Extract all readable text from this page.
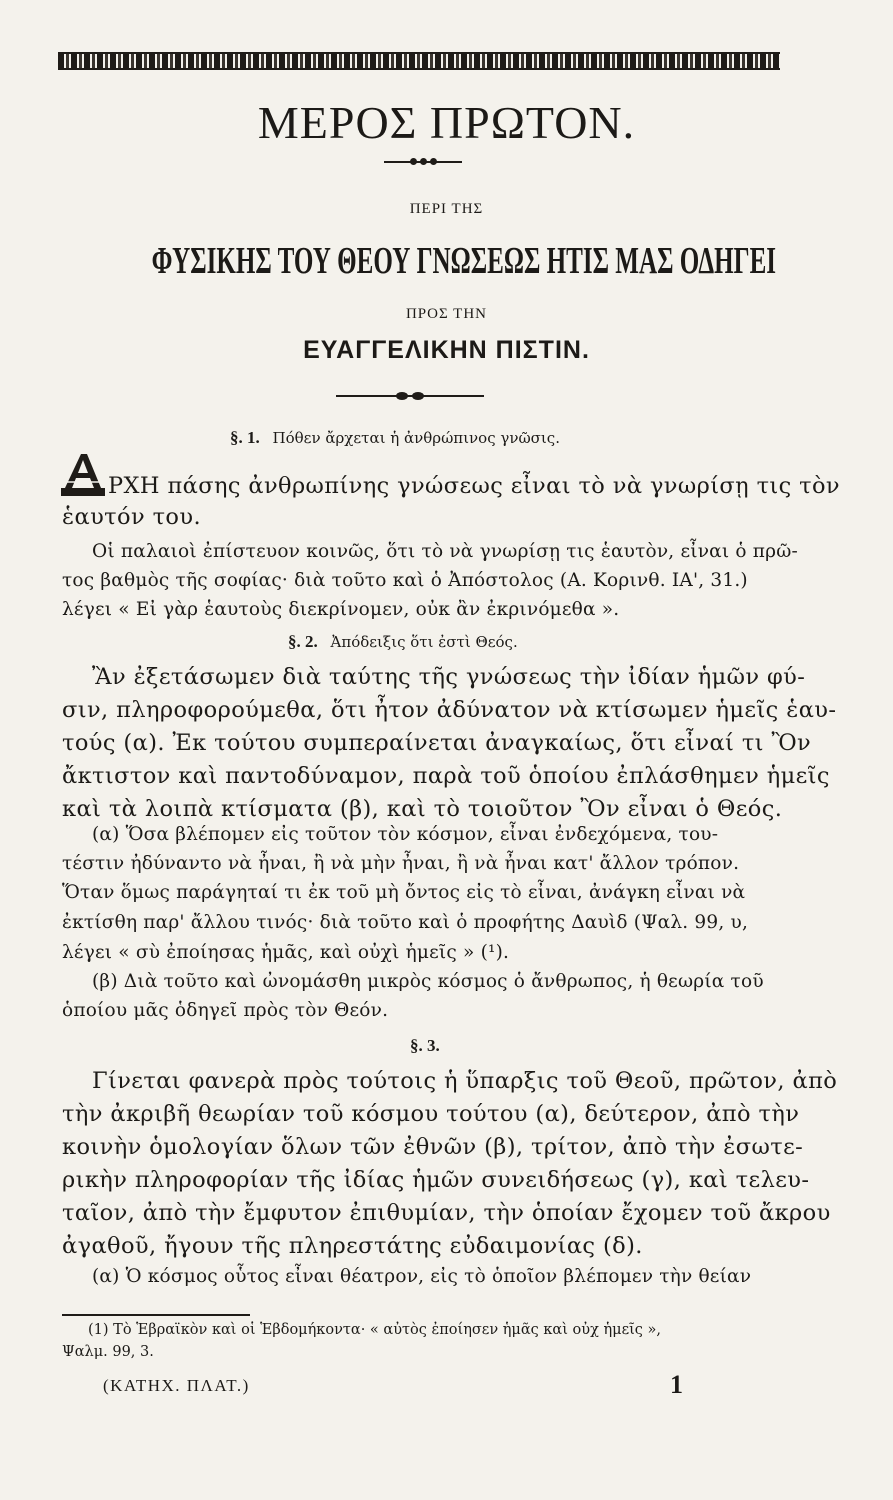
ΜΕΡΟΣ ΠΡΩΤΟΝ.
ΠΕΡΙ ΤΗΣ
ΦΥΣΙΚΗΣ ΤΟΥ ΘΕΟΥ ΓΝΩΣΕΩΣ ΗΤΙΣ ΜΑΣ ΟΔΗΓΕΙ
ΠΡΟΣ ΤΗΝ
ΕΥΑΓΓΕΛΙΚΗΝ ΠΙΣΤΙΝ.
§. 1. Πόθεν ἄρχεται ἡ ἀνθρώπινος γνῶσις.
ΡΧΗ πάσης ἀνθρωπίνης γνώσεως εἶναι τὸ νὰ γνωρίσῃ τις τὸν
ἑαυτόν του.
Οἱ παλαιοὶ ἐπίστευον κοινῶς, ὅτι τὸ νὰ γνωρίσῃ τις ἑαυτὸν, εἶναι ὁ πρῶ-
τος βαθμὸς τῆς σοφίας· διὰ τοῦτο καὶ ὁ Ἀπόστολος (Α. Κορινθ. ΙΑ', 31.)
λέγει « Εἰ γὰρ ἑαυτοὺς διεκρίνομεν, οὐκ ἂν ἐκρινόμεθα ».
§. 2. Ἀπόδειξις ὅτι ἐστὶ Θεός.
Ἂν ἐξετάσωμεν διὰ ταύτης τῆς γνώσεως τὴν ἰδίαν ἡμῶν φύ-
σιν, πληροφορούμεθα, ὅτι ἦτον ἀδύνατον νὰ κτίσωμεν ἡμεῖς ἑαυ-
τούς (α). Ἐκ τούτου συμπεραίνεται ἀναγκαίως, ὅτι εἶναί τι Ὂν
ἄκτιστον καὶ παντοδύναμον, παρὰ τοῦ ὁποίου ἐπλάσθημεν ἡμεῖς
καὶ τὰ λοιπὰ κτίσματα (β), καὶ τὸ τοιοῦτον Ὂν εἶναι ὁ Θεός.
(α) Ὅσα βλέπομεν εἰς τοῦτον τὸν κόσμον, εἶναι ἐνδεχόμενα, του-
τέστιν ἠδύναντο νὰ ἦναι, ἢ νὰ μὴν ἦναι, ἢ νὰ ἦναι κατ' ἄλλον τρόπον.
Ὅταν ὅμως παράγηταί τι ἐκ τοῦ μὴ ὄντος εἰς τὸ εἶναι, ἀνάγκη εἶναι νὰ
ἐκτίσθη παρ' ἄλλου τινός· διὰ τοῦτο καὶ ὁ προφήτης Δαυὶδ (Ψαλ. 99, υ,
λέγει « σὺ ἐποίησας ἡμᾶς, καὶ οὐχὶ ἡμεῖς » (¹).
(β) Διὰ τοῦτο καὶ ὠνομάσθη μικρὸς κόσμος ὁ ἄνθρωπος, ἡ θεωρία τοῦ
ὁποίου μᾶς ὁδηγεῖ πρὸς τὸν Θεόν.
§. 3.
Γίνεται φανερὰ πρὸς τούτοις ἡ ὕπαρξις τοῦ Θεοῦ, πρῶτον, ἀπὸ
τὴν ἀκριβῆ θεωρίαν τοῦ κόσμου τούτου (α), δεύτερον, ἀπὸ τὴν
κοινὴν ὁμολογίαν ὅλων τῶν ἐθνῶν (β), τρίτον, ἀπὸ τὴν ἐσωτε-
ρικὴν πληροφορίαν τῆς ἰδίας ἡμῶν συνειδήσεως (γ), καὶ τελευ-
ταῖον, ἀπὸ τὴν ἔμφυτον ἐπιθυμίαν, τὴν ὁποίαν ἔχομεν τοῦ ἄκρου
ἀγαθοῦ, ἤγουν τῆς πληρεστάτης εὐδαιμονίας (δ).
(α) Ὁ κόσμος οὗτος εἶναι θέατρον, εἰς τὸ ὁποῖον βλέπομεν τὴν θείαν
(1) Τὸ Ἑβραϊκὸν καὶ οἱ Ἑβδομήκοντα· « αὐτὸς ἐποίησεν ἡμᾶς καὶ οὐχ ἡμεῖς »,
Ψαλμ. 99, 3.
(ΚΑΤΗΧ. ΠΛΑΤ.)	1
